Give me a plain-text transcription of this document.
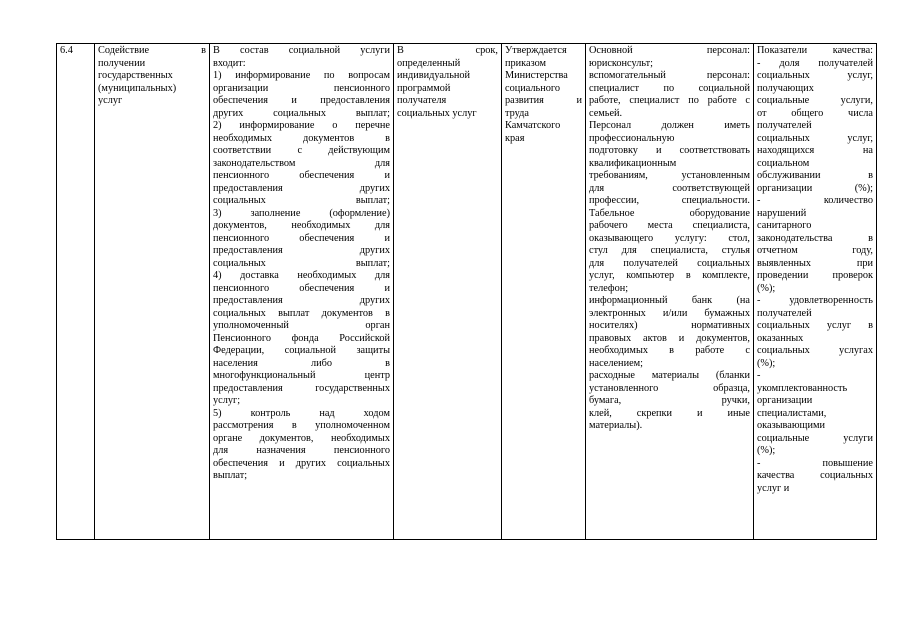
6.4	Содействие в
получении
государственных
(муниципальных)
услуг

В состав социальной услуги
входит:
1) информирование по вопросам
организации пенсионного
обеспечения и предоставления
других социальных выплат;
2) информирование о перечне
необходимых документов в
соответствии с действующим
законодательством для
пенсионного обеспечения и
предоставления других
социальных выплат;
3) заполнение (оформление)
документов, необходимых для
пенсионного обеспечения и
предоставления других
социальных выплат;
4) доставка необходимых для
пенсионного обеспечения и
предоставления других
социальных выплат документов в
уполномоченный орган
Пенсионного фонда Российской
Федерации, социальной защиты
населения либо в
многофункциональный центр
предоставления государственных
услуг;
5) контроль над ходом
рассмотрения в уполномоченном
органе документов, необходимых
для назначения пенсионного
обеспечения и других социальных
выплат;

В срок,
определенный
индивидуальной
программой
получателя
социальных услуг

Утверждается
приказом
Министерства
социального
развития и
труда
Камчатского
края

Основной персонал:
юрисконсульт;
вспомогательный персонал:
специалист по социальной
работе, специалист по работе с
семьей.
Персонал должен иметь
профессиональную
подготовку и соответствовать
квалификационным
требованиям, установленным
для соответствующей
профессии, специальности.
Табельное оборудование
рабочего места специалиста,
оказывающего услугу: стол,
стул для специалиста, стулья
для получателей социальных
услуг, компьютер в комплекте,
телефон;
информационный банк (на
электронных и/или бумажных
носителях) нормативных
правовых актов и документов,
необходимых в работе с
населением;
расходные материалы (бланки
установленного образца,
бумага, ручки,
клей, скрепки и иные
материалы).

Показатели качества:
- доля получателей
социальных услуг,
получающих
социальные услуги,
от общего числа
получателей
социальных услуг,
находящихся на
социальном
обслуживании в
организации (%);
- количество
нарушений
санитарного
законодательства в
отчетном году,
выявленных при
проведении проверок
(%);
- удовлетворенность
получателей
социальных услуг в
оказанных
социальных услугах
(%);
-
укомплектованность
организации
специалистами,
оказывающими
социальные услуги
(%);
- повышение
качества социальных
услуг и
